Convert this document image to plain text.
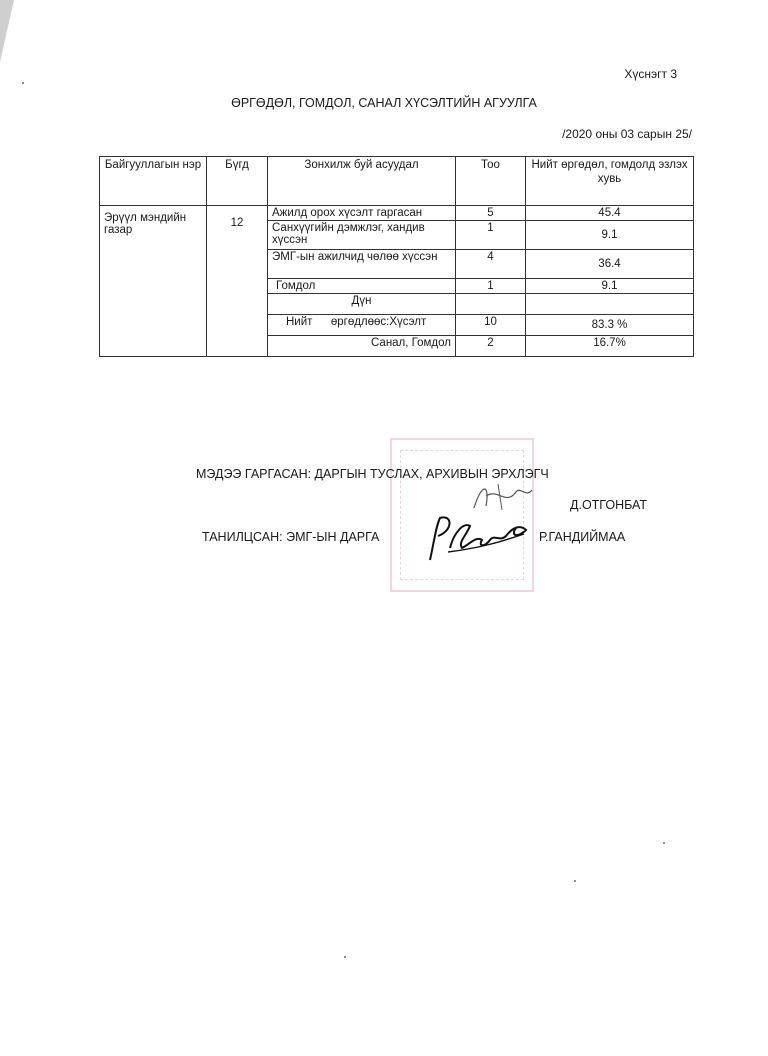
Хүснэгт 3
ӨРГӨДӨЛ, ГОМДОЛ, САНАЛ ХҮСЭЛТИЙН АГУУЛГА
/2020 оны 03 сарын 25/
Байгууллагын нэр	Бүгд	Зонхилж буй асуудал	Тоо	Нийт өргөдөл, гомдолд эзлэх хувь
Эрүүл мэндийн газар	12	Ажилд орох хүсэлт гаргасан	5	45.4
		Санхүүгийн дэмжлэг, хандив хүссэн	1	9.1
		ЭМГ-ын ажилчид чөлөө хүссэн	4	36.4
		Гомдол	1	9.1
		Дүн		
		Нийт өргөдлөөс:Хүсэлт	10	83.3 %
		Санал, Гомдол	2	16.7%
МЭДЭЭ ГАРГАСАН: ДАРГЫН ТУСЛАХ, АРХИВЫН ЭРХЛЭГЧ
Д.ОТГОНБАТ
ТАНИЛЦСАН: ЭМГ-ЫН ДАРГА	Р.ГАНДИЙМАА
